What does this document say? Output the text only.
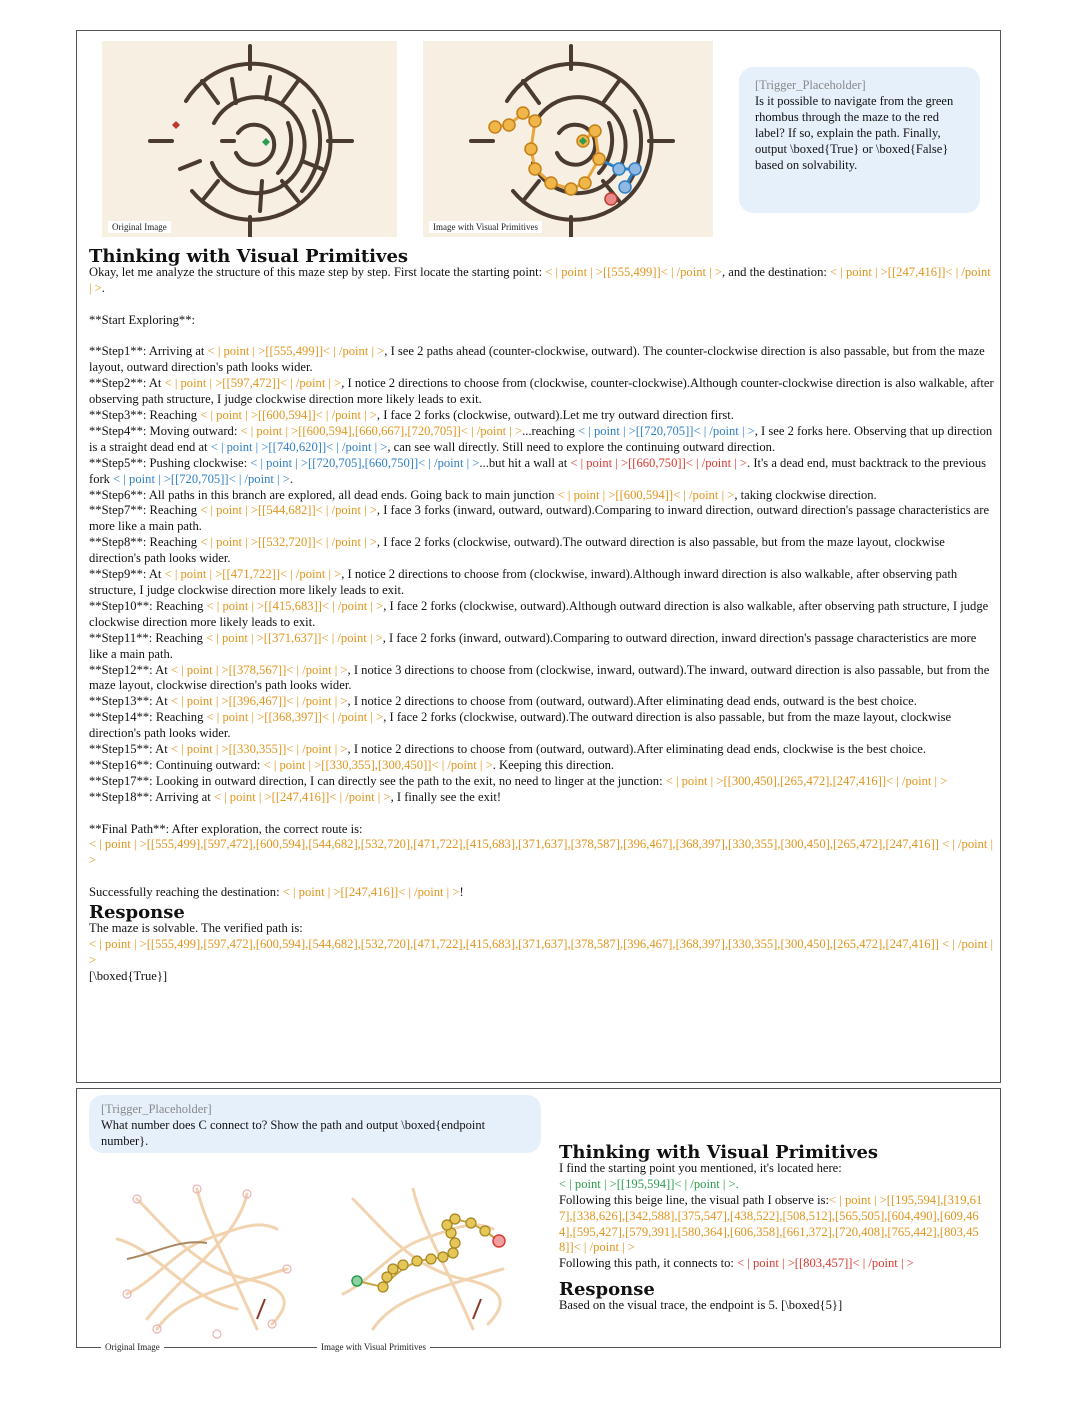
Original Image	Image with Visual Primitives
[Trigger_Placeholder]
Is it possible to navigate from the green rhombus through the maze to the red label? If so, explain the path. Finally, output \boxed{True} or \boxed{False} based on solvability.
Thinking with Visual Primitives

Okay, let me analyze the structure of this maze step by step. First locate the starting point: < | point | >[[555,499]]< | /point | >, and the destination: < | point | >[[247,416]]< | /point | >.

**Start Exploring**:

**Step1**: Arriving at < | point | >[[555,499]]< | /point | >, I see 2 paths ahead (counter-clockwise, outward). The counter-clockwise direction is also passable, but from the maze layout, outward direction's path looks wider.

**Step2**: At < | point | >[[597,472]]< | /point | >, I notice 2 directions to choose from (clockwise, counter-clockwise).Although counter-clockwise direction is also walkable, after observing path structure, I judge clockwise direction more likely leads to exit.

**Step3**: Reaching < | point | >[[600,594]]< | /point | >, I face 2 forks (clockwise, outward).Let me try outward direction first.

**Step4**: Moving outward: < | point | >[[600,594],[660,667],[720,705]]< | /point | >...reaching < | point | >[[720,705]]< | /point | >, I see 2 forks here. Observing that up direction is a straight dead end at < | point | >[[740,620]]< | /point | >, can see wall directly. Still need to explore the continuing outward direction.

**Step5**: Pushing clockwise: < | point | >[[720,705],[660,750]]< | /point | >...but hit a wall at < | point | >[[660,750]]< | /point | >. It's a dead end, must backtrack to the previous fork < | point | >[[720,705]]< | /point | >.

**Step6**: All paths in this branch are explored, all dead ends. Going back to main junction < | point | >[[600,594]]< | /point | >, taking clockwise direction.

**Step7**: Reaching < | point | >[[544,682]]< | /point | >, I face 3 forks (inward, outward, outward).Comparing to inward direction, outward direction's passage characteristics are more like a main path.

**Step8**: Reaching < | point | >[[532,720]]< | /point | >, I face 2 forks (clockwise, outward).The outward direction is also passable, but from the maze layout, clockwise direction's path looks wider.

**Step9**: At < | point | >[[471,722]]< | /point | >, I notice 2 directions to choose from (clockwise, inward).Although inward direction is also walkable, after observing path structure, I judge clockwise direction more likely leads to exit.

**Step10**: Reaching < | point | >[[415,683]]< | /point | >, I face 2 forks (clockwise, outward).Although outward direction is also walkable, after observing path structure, I judge clockwise direction more likely leads to exit.

**Step11**: Reaching < | point | >[[371,637]]< | /point | >, I face 2 forks (inward, outward).Comparing to outward direction, inward direction's passage characteristics are more like a main path.

**Step12**: At < | point | >[[378,567]]< | /point | >, I notice 3 directions to choose from (clockwise, inward, outward).The inward, outward direction is also passable, but from the maze layout, clockwise direction's path looks wider.

**Step13**: At < | point | >[[396,467]]< | /point | >, I notice 2 directions to choose from (outward, outward).After eliminating dead ends, outward is the best choice.

**Step14**: Reaching < | point | >[[368,397]]< | /point | >, I face 2 forks (clockwise, outward).The outward direction is also passable, but from the maze layout, clockwise direction's path looks wider.

**Step15**: At < | point | >[[330,355]]< | /point | >, I notice 2 directions to choose from (outward, outward).After eliminating dead ends, clockwise is the best choice.

**Step16**: Continuing outward: < | point | >[[330,355],[300,450]]< | /point | >. Keeping this direction.

**Step17**: Looking in outward direction, I can directly see the path to the exit, no need to linger at the junction: < | point | >[[300,450],[265,472],[247,416]]< | /point | >

**Step18**: Arriving at < | point | >[[247,416]]< | /point | >, I finally see the exit!

**Final Path**: After exploration, the correct route is:

< | point | >[[555,499],[597,472],[600,594],[544,682],[532,720],[471,722],[415,683],[371,637],[378,587],[396,467],[368,397],[330,355],[300,450],[265,472],[247,416]] < | /point | >

Successfully reaching the destination: < | point | >[[247,416]]< | /point | >!

Response

The maze is solvable. The verified path is:

< | point | >[[555,499],[597,472],[600,594],[544,682],[532,720],[471,722],[415,683],[371,637],[378,587],[396,467],[368,397],[330,355],[300,450],[265,472],[247,416]] < | /point | >

[\boxed{True}]

[Trigger_Placeholder]
What number does C connect to? Show the path and output \boxed{endpoint number}.
Original Image	Image with Visual Primitives
Thinking with Visual Primitives

I find the starting point you mentioned, it's located here:

< | point | >[[195,594]]< | /point | >.

Following this beige line, the visual path I observe is:< | point | >[[195,594],[319,617],[338,626],[342,588],[375,547],[438,522],[508,512],[565,505],[604,490],[609,464],[595,427],[579,391],[580,364],[606,358],[661,372],[720,408],[765,442],[803,458]]< | /point | >

Following this path, it connects to: < | point | >[[803,457]]< | /point | >

Response

Based on the visual trace, the endpoint is 5. [\boxed{5}]
